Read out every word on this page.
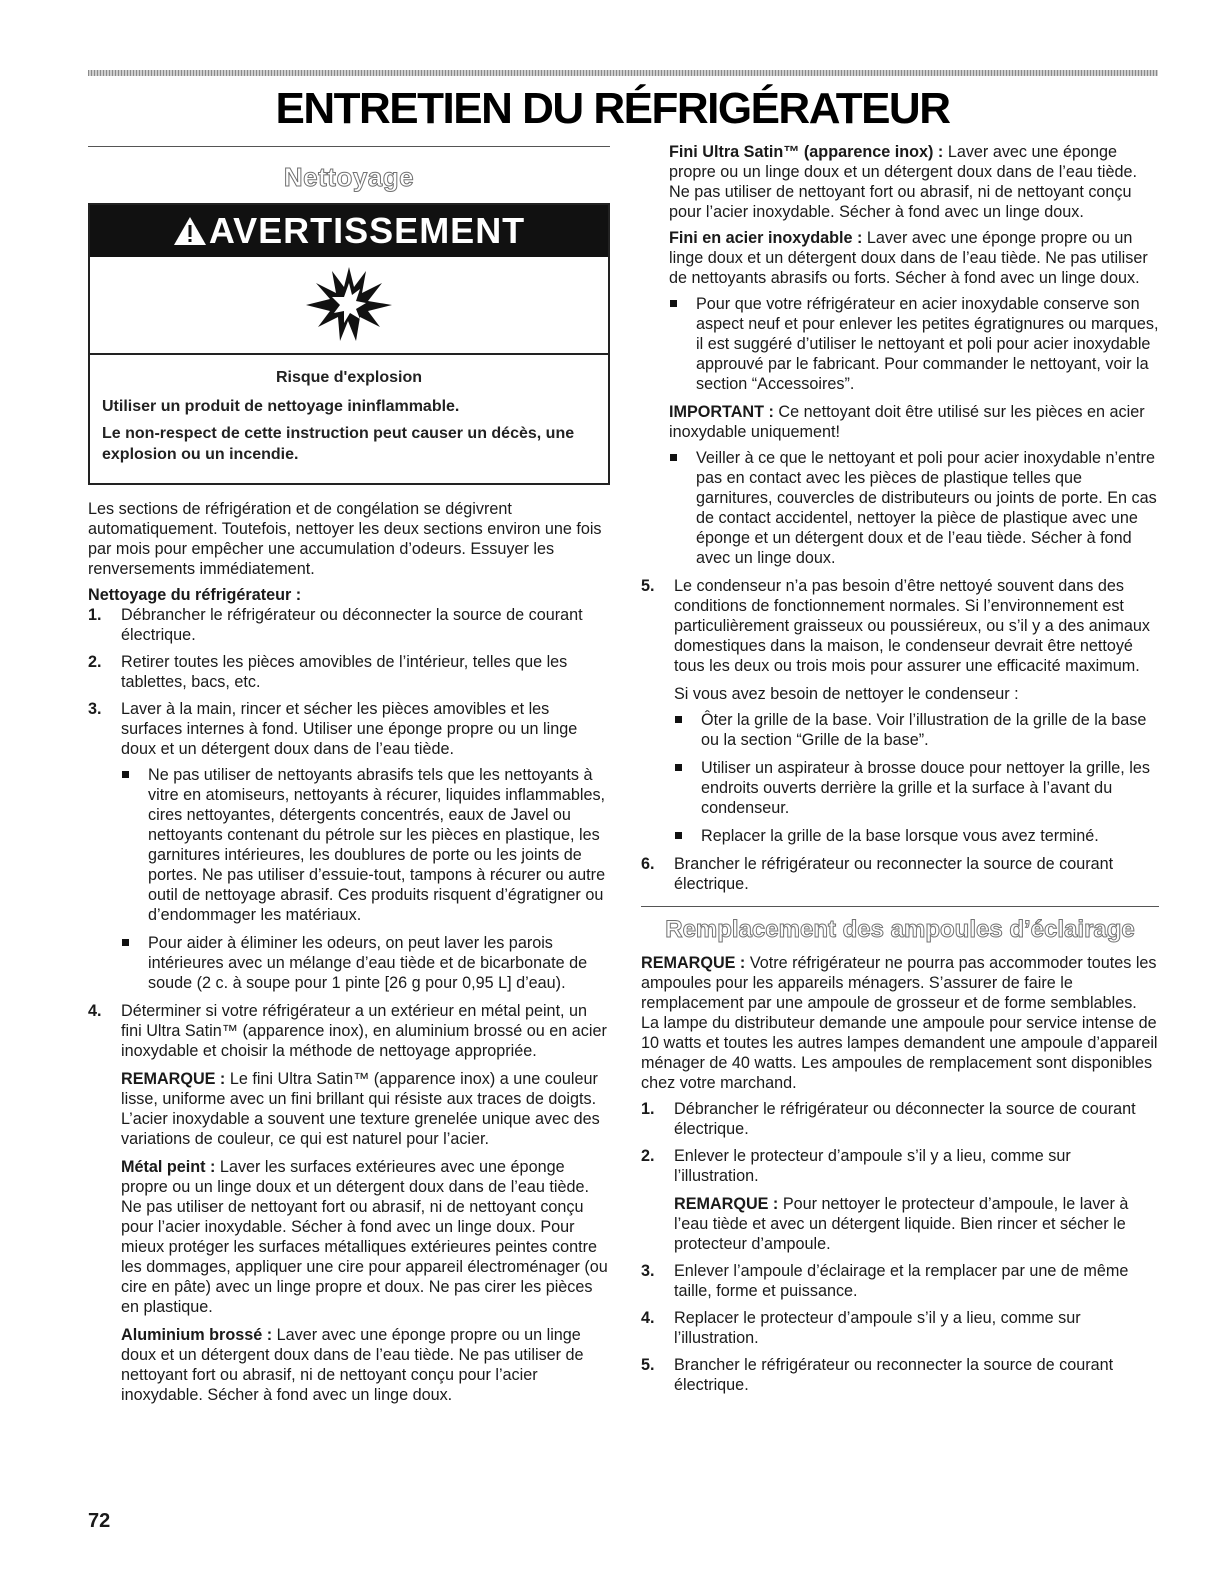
ENTRETIEN DU RÉFRIGÉRATEUR
Nettoyage
AVERTISSEMENT
Risque d'explosion

Utiliser un produit de nettoyage ininflammable.

Le non-respect de cette instruction peut causer un décès, une explosion ou un incendie.

Les sections de réfrigération et de congélation se dégivrent automatiquement. Toutefois, nettoyer les deux sections environ une fois par mois pour empêcher une accumulation d’odeurs. Essuyer les renversements immédiatement.

Nettoyage du réfrigérateur :
1. Débrancher le réfrigérateur ou déconnecter la source de courant électrique.
2. Retirer toutes les pièces amovibles de l’intérieur, telles que les tablettes, bacs, etc.
3. Laver à la main, rincer et sécher les pièces amovibles et les surfaces internes à fond. Utiliser une éponge propre ou un linge doux et un détergent doux dans de l’eau tiède.
Ne pas utiliser de nettoyants abrasifs tels que les nettoyants à vitre en atomiseurs, nettoyants à récurer, liquides inflammables, cires nettoyantes, détergents concentrés, eaux de Javel ou nettoyants contenant du pétrole sur les pièces en plastique, les garnitures intérieures, les doublures de porte ou les joints de portes. Ne pas utiliser d’essuie-tout, tampons à récurer ou autre outil de nettoyage abrasif. Ces produits risquent d’égratigner ou d’endommager les matériaux.
Pour aider à éliminer les odeurs, on peut laver les parois intérieures avec un mélange d’eau tiède et de bicarbonate de soude (2 c. à soupe pour 1 pinte [26 g pour 0,95 L] d’eau).
4. Déterminer si votre réfrigérateur a un extérieur en métal peint, un fini Ultra Satin™ (apparence inox), en aluminium brossé ou en acier inoxydable et choisir la méthode de nettoyage appropriée.

REMARQUE : Le fini Ultra Satin™ (apparence inox) a une couleur lisse, uniforme avec un fini brillant qui résiste aux traces de doigts. L’acier inoxydable a souvent une texture grenelée unique avec des variations de couleur, ce qui est naturel pour l’acier.

Métal peint : Laver les surfaces extérieures avec une éponge propre ou un linge doux et un détergent doux dans de l’eau tiède. Ne pas utiliser de nettoyant fort ou abrasif, ni de nettoyant conçu pour l’acier inoxydable. Sécher à fond avec un linge doux. Pour mieux protéger les surfaces métalliques extérieures peintes contre les dommages, appliquer une cire pour appareil électroménager (ou cire en pâte) avec un linge propre et doux. Ne pas cirer les pièces en plastique.

Aluminium brossé : Laver avec une éponge propre ou un linge doux et un détergent doux dans de l’eau tiède. Ne pas utiliser de nettoyant fort ou abrasif, ni de nettoyant conçu pour l’acier inoxydable. Sécher à fond avec un linge doux.

Fini Ultra Satin™ (apparence inox) : Laver avec une éponge propre ou un linge doux et un détergent doux dans de l’eau tiède. Ne pas utiliser de nettoyant fort ou abrasif, ni de nettoyant conçu pour l’acier inoxydable. Sécher à fond avec un linge doux.

Fini en acier inoxydable : Laver avec une éponge propre ou un linge doux et un détergent doux dans de l’eau tiède. Ne pas utiliser de nettoyants abrasifs ou forts. Sécher à fond avec un linge doux.

Pour que votre réfrigérateur en acier inoxydable conserve son aspect neuf et pour enlever les petites égratignures ou marques, il est suggéré d’utiliser le nettoyant et poli pour acier inoxydable approuvé par le fabricant. Pour commander le nettoyant, voir la section “Accessoires”.

IMPORTANT : Ce nettoyant doit être utilisé sur les pièces en acier inoxydable uniquement!

Veiller à ce que le nettoyant et poli pour acier inoxydable n’entre pas en contact avec les pièces de plastique telles que garnitures, couvercles de distributeurs ou joints de porte. En cas de contact accidentel, nettoyer la pièce de plastique avec une éponge et un détergent doux et de l’eau tiède. Sécher à fond avec un linge doux.
5. Le condenseur n’a pas besoin d’être nettoyé souvent dans des conditions de fonctionnement normales. Si l’environnement est particulièrement graisseux ou poussiéreux, ou s’il y a des animaux domestiques dans la maison, le condenseur devrait être nettoyé tous les deux ou trois mois pour assurer une efficacité maximum.

Si vous avez besoin de nettoyer le condenseur :

Ôter la grille de la base. Voir l’illustration de la grille de la base ou la section “Grille de la base”.
Utiliser un aspirateur à brosse douce pour nettoyer la grille, les endroits ouverts derrière la grille et la surface à l’avant du condenseur.
Replacer la grille de la base lorsque vous avez terminé.
6. Brancher le réfrigérateur ou reconnecter la source de courant électrique.
Remplacement des ampoules d’éclairage

REMARQUE : Votre réfrigérateur ne pourra pas accommoder toutes les ampoules pour les appareils ménagers. S’assurer de faire le remplacement par une ampoule de grosseur et de forme semblables. La lampe du distributeur demande une ampoule pour service intense de 10 watts et toutes les autres lampes demandent une ampoule d’appareil ménager de 40 watts. Les ampoules de remplacement sont disponibles chez votre marchand.

1. Débrancher le réfrigérateur ou déconnecter la source de courant électrique.
2. Enlever le protecteur d’ampoule s’il y a lieu, comme sur l’illustration.

REMARQUE : Pour nettoyer le protecteur d’ampoule, le laver à l’eau tiède et avec un détergent liquide. Bien rincer et sécher le protecteur d’ampoule.

3. Enlever l’ampoule d’éclairage et la remplacer par une de même taille, forme et puissance.
4. Replacer le protecteur d’ampoule s’il y a lieu, comme sur l’illustration.
5. Brancher le réfrigérateur ou reconnecter la source de courant électrique.
72
